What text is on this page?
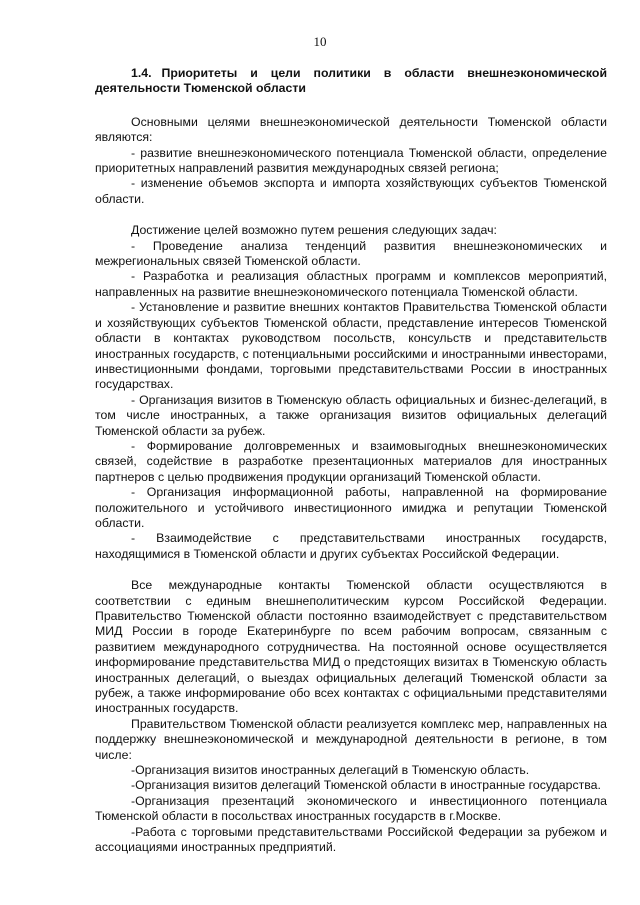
10
1.4. Приоритеты и цели политики в области внешнеэкономической деятельности Тюменской области

Основными целями внешнеэкономической деятельности Тюменской области являются:

- развитие внешнеэкономического потенциала Тюменской области, определение приоритетных направлений развития международных связей региона;

- изменение объемов экспорта и импорта хозяйствующих субъектов Тюменской области.

Достижение целей возможно путем решения следующих задач:

- Проведение анализа тенденций развития внешнеэкономических и межрегиональных связей Тюменской области.

- Разработка и реализация областных программ и комплексов мероприятий, направленных на развитие внешнеэкономического потенциала Тюменской области.

- Установление и развитие внешних контактов Правительства Тюменской области и хозяйствующих субъектов Тюменской области, представление интересов Тюменской области в контактах руководством посольств, консульств и представительств иностранных государств, с потенциальными российскими и иностранными инвесторами, инвестиционными фондами, торговыми представительствами России в иностранных государствах.

- Организация визитов в Тюменскую область официальных и бизнес-делегаций, в том числе иностранных, а также организация визитов официальных делегаций Тюменской области за рубеж.

- Формирование долговременных и взаимовыгодных внешнеэкономических связей, содействие в разработке презентационных материалов для иностранных партнеров с целью продвижения продукции организаций Тюменской области.

- Организация информационной работы, направленной на формирование положительного и устойчивого инвестиционного имиджа и репутации Тюменской области.

- Взаимодействие с представительствами иностранных государств, находящимися в Тюменской области и других субъектах Российской Федерации.

Все международные контакты Тюменской области осуществляются в соответствии с единым внешнеполитическим курсом Российской Федерации. Правительство Тюменской области постоянно взаимодействует с представительством МИД России в городе Екатеринбурге по всем рабочим вопросам, связанным с развитием международного сотрудничества. На постоянной основе осуществляется информирование представительства МИД о предстоящих визитах в Тюменскую область иностранных делегаций, о выездах официальных делегаций Тюменской области за рубеж, а также информирование обо всех контактах с официальными представителями иностранных государств.

Правительством Тюменской области реализуется комплекс мер, направленных на поддержку внешнеэкономической и международной деятельности в регионе, в том числе:

-Организация визитов иностранных делегаций в Тюменскую область.

-Организация визитов делегаций Тюменской области в иностранные государства.

-Организация презентаций экономического и инвестиционного потенциала Тюменской области в посольствах иностранных государств в г.Москве.

-Работа с торговыми представительствами Российской Федерации за рубежом и ассоциациями иностранных предприятий.
